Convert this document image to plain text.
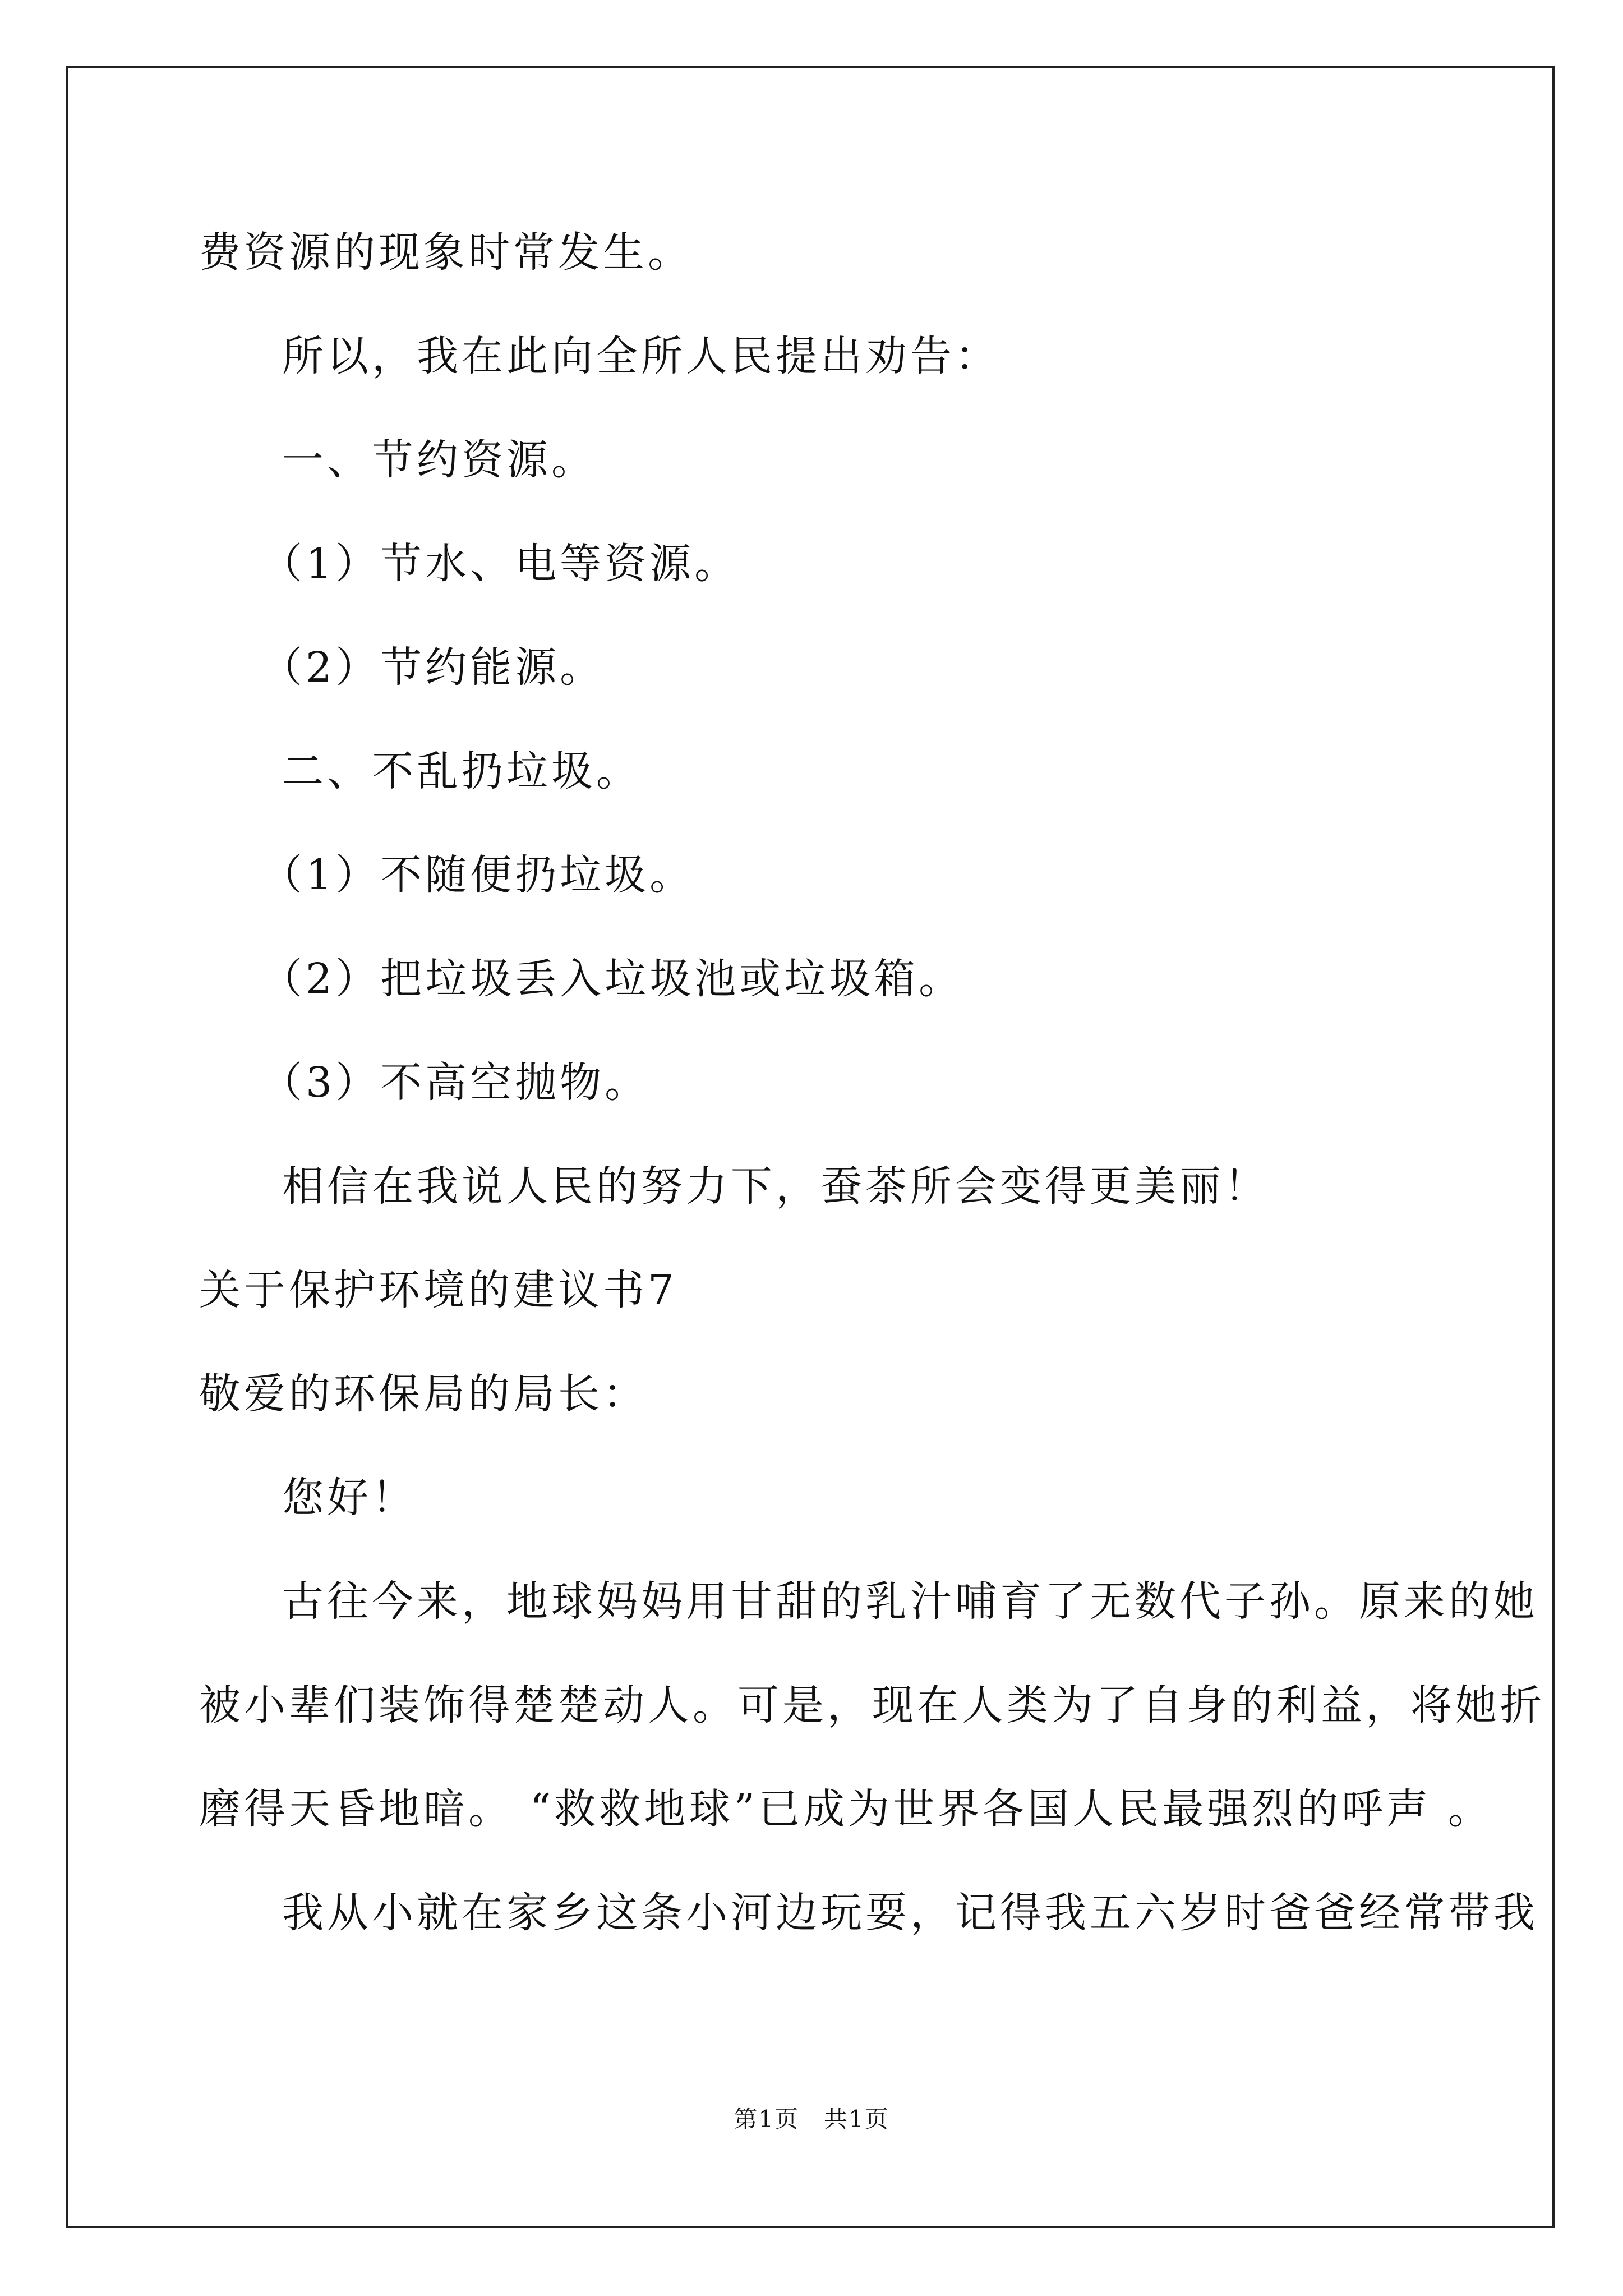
费资源的现象时常发生。
所以，我在此向全所人民提出劝告：
一、节约资源。
（1）节水、电等资源。
（2）节约能源。
二、不乱扔垃圾。
（1）不随便扔垃圾。
（2）把垃圾丢入垃圾池或垃圾箱。
（3）不高空抛物。
相信在我说人民的努力下，蚕茶所会变得更美丽！
关于保护环境的建议书7
敬爱的环保局的局长：
您好！
古往今来，地球妈妈用甘甜的乳汁哺育了无数代子孙。原来的她
被小辈们装饰得楚楚动人。可是，现在人类为了自身的利益，将她折
磨得天昏地暗。 “救救地球”已成为世界各国人民最强烈的呼声 。
我从小就在家乡这条小河边玩耍，记得我五六岁时爸爸经常带我
第1页　共1页
